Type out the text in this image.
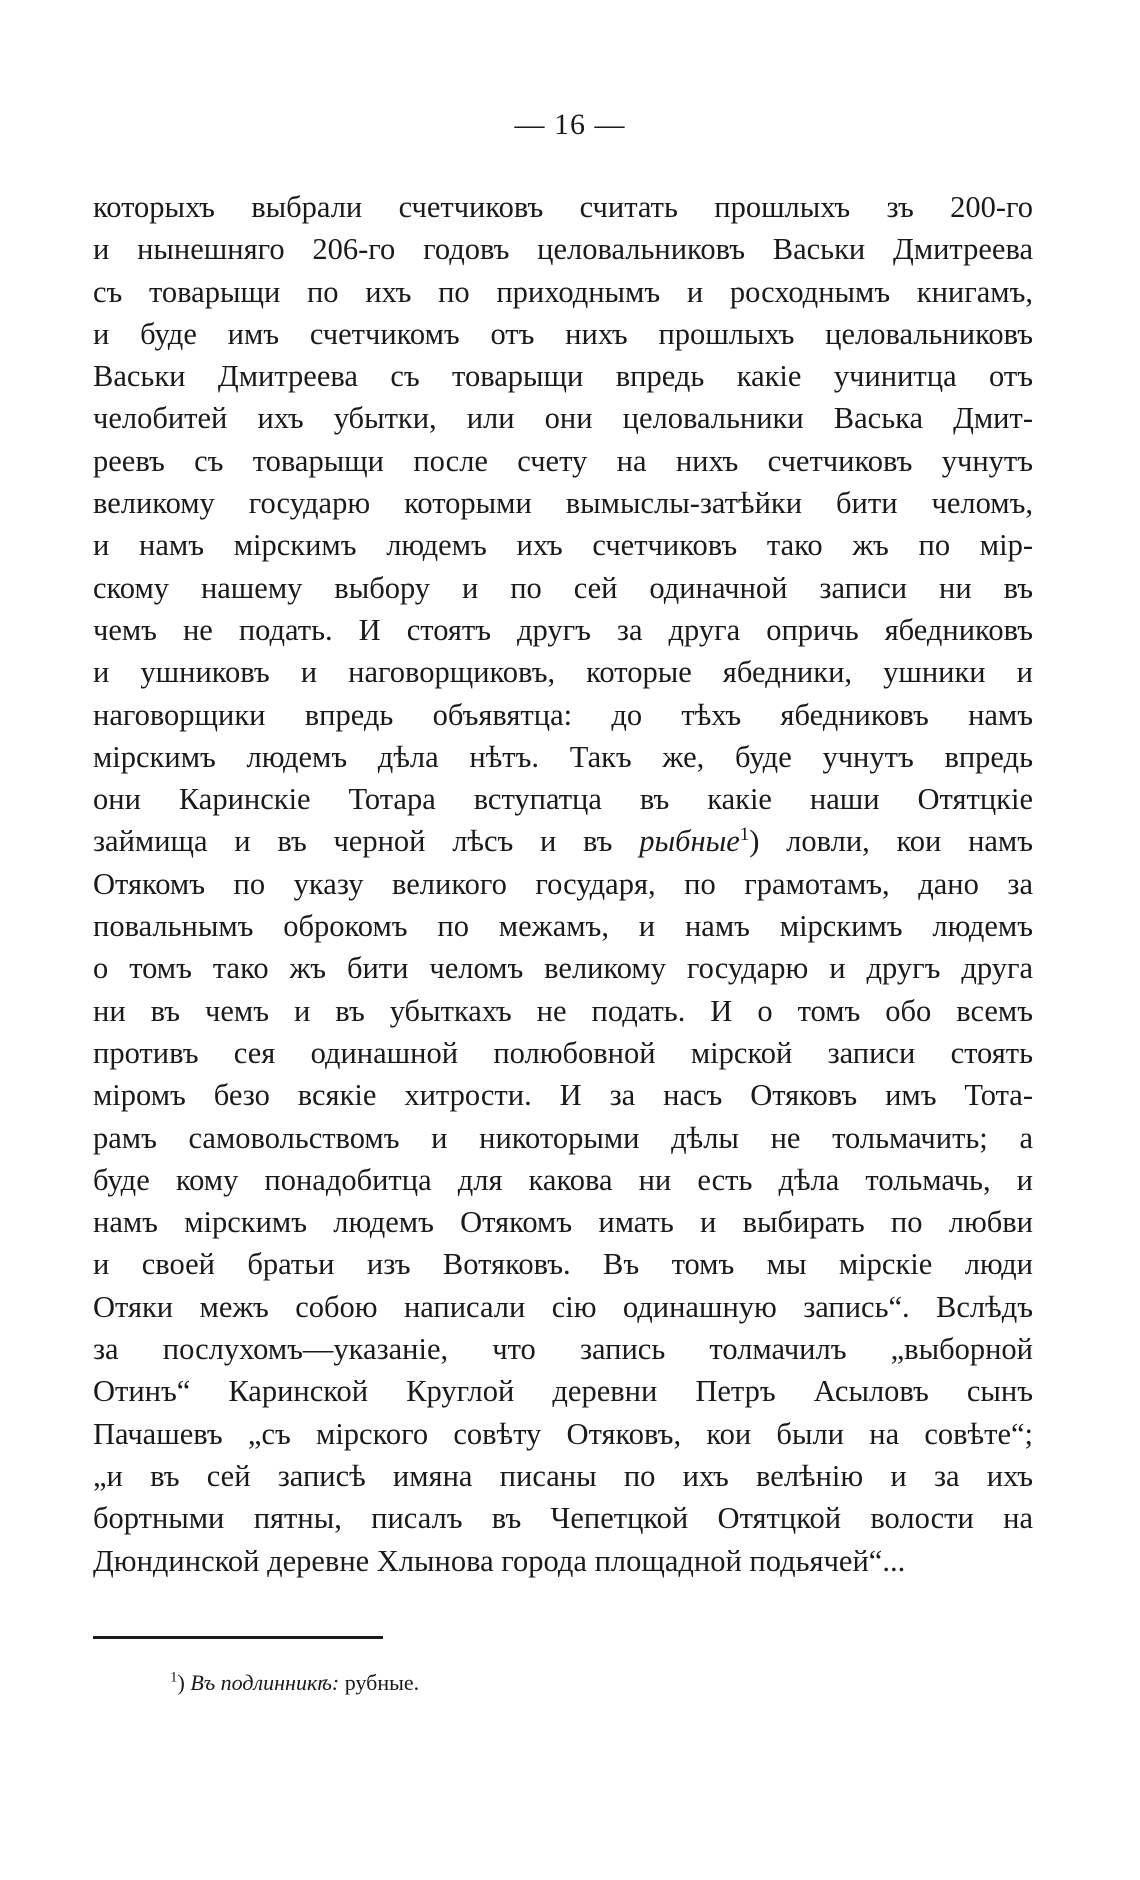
— 16 —
которыхъ выбрали счетчиковъ считать прошлыхъ зъ 200-го
и нынешняго 206-го годовъ целовальниковъ Васьки Дмитреева
съ товарыщи по ихъ по приходнымъ и росходнымъ книгамъ,
и буде имъ счетчикомъ отъ нихъ прошлыхъ целовальниковъ
Васьки Дмитреева съ товарыщи впредь какіе учинитца отъ
челобитей ихъ убытки, или они целовальники Васька Дмит-
реевъ съ товарыщи после счету на нихъ счетчиковъ учнутъ
великому государю которыми вымыслы-затѣйки бити челомъ,
и намъ мірскимъ людемъ ихъ счетчиковъ тако жъ по мір-
скому нашему выбору и по сей одиначной записи ни въ
чемъ не подать. И стоятъ другъ за друга опричь ябедниковъ
и ушниковъ и наговорщиковъ, которые ябедники, ушники и
наговорщики впредь объявятца: до тѣхъ ябедниковъ намъ
мірскимъ людемъ дѣла нѣтъ. Такъ же, буде учнутъ впредь
они Каринскіе Тотара вступатца въ какіе наши Отятцкіе
займища и въ черной лѣсъ и въ рыбные$^1$) ловли, кои намъ
Отякомъ по указу великого государя, по грамотамъ, дано за
повальнымъ оброкомъ по межамъ, и намъ мірскимъ людемъ
о томъ тако жъ бити челомъ великому государю и другъ друга
ни въ чемъ и въ убыткахъ не подать. И о томъ обо всемъ
противъ сея одинашной полюбовной мірской записи стоять
міромъ безо всякіе хитрости. И за насъ Отяковъ имъ Тота-
рамъ самовольствомъ и никоторыми дѣлы не тольмачить; а
буде кому понадобитца для какова ни есть дѣла тольмачь, и
намъ мірскимъ людемъ Отякомъ имать и выбирать по любви
и своей братьи изъ Вотяковъ. Въ томъ мы мірскіе люди
Отяки межъ собою написали сію одинашную запись“. Вслѣдъ
за послухомъ—указаніе, что запись толмачилъ „выборной
Отинъ“ Каринской Круглой деревни Петръ Асыловъ сынъ
Пачашевъ „съ мірского совѣту Отяковъ, кои были на совѣте“;
„и въ сей записѣ имяна писаны по ихъ велѣнію и за ихъ
бортными пятны, писалъ въ Чепетцкой Отятцкой волости на
Дюндинской деревне Хлынова города площадной подьячей“...
$^1$) Въ подлинникѣ: рубные.
